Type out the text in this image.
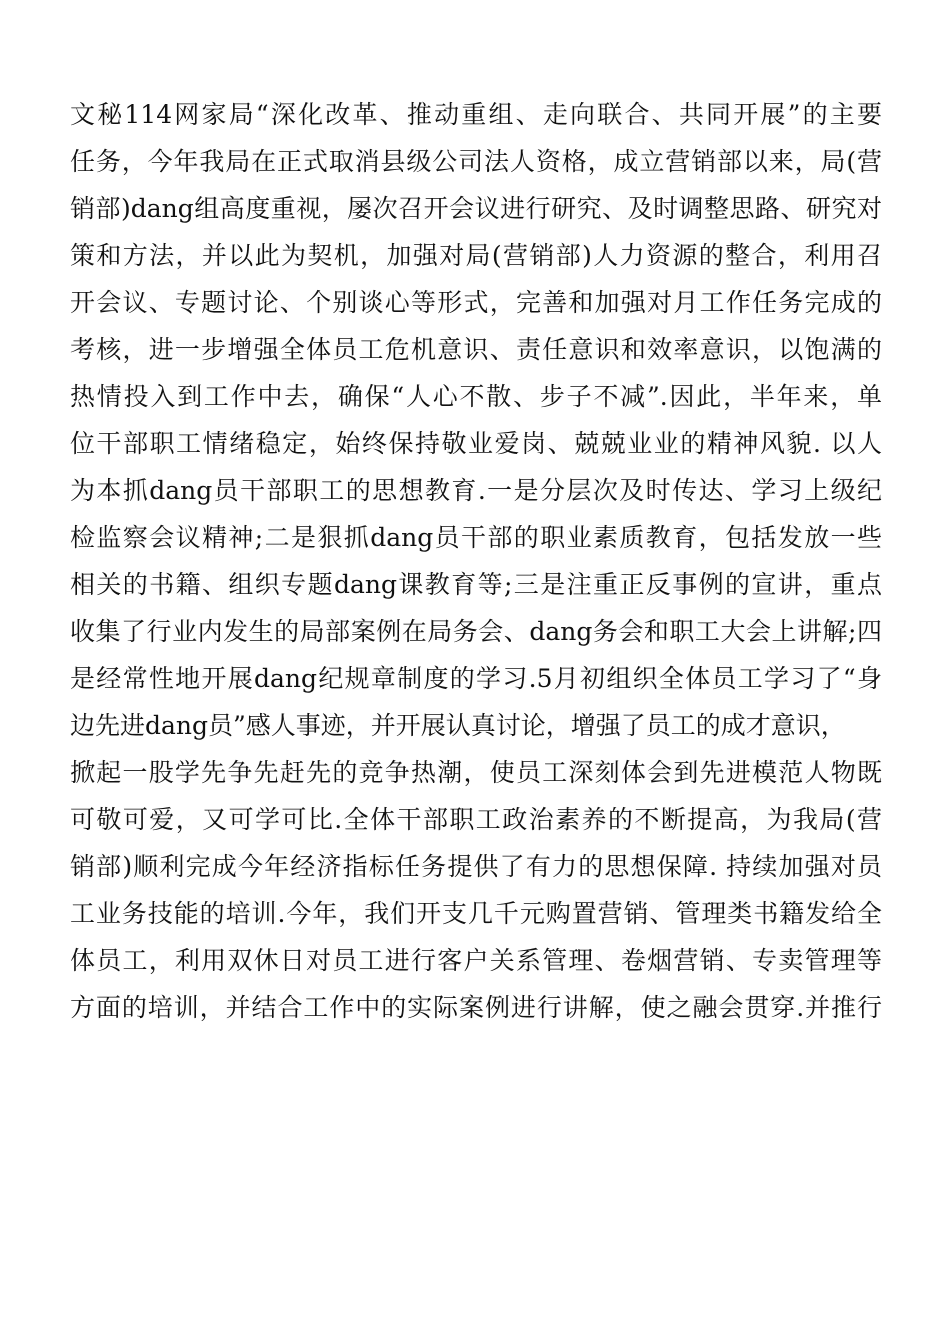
文秘114网家局“深化改革、推动重组、走向联合、共同开展”的主要
任务，今年我局在正式取消县级公司法人资格，成立营销部以来，局(营
销部)dang组高度重视，屡次召开会议进行研究、及时调整思路、研究对
策和方法，并以此为契机，加强对局(营销部)人力资源的整合，利用召
开会议、专题讨论、个别谈心等形式，完善和加强对月工作任务完成的
考核，进一步增强全体员工危机意识、责任意识和效率意识，以饱满的
热情投入到工作中去，确保“人心不散、步子不减”.因此，半年来，单
位干部职工情绪稳定，始终保持敬业爱岗、兢兢业业的精神风貌. 以人
为本抓dang员干部职工的思想教育.一是分层次及时传达、学习上级纪
检监察会议精神;二是狠抓dang员干部的职业素质教育，包括发放一些
相关的书籍、组织专题dang课教育等;三是注重正反事例的宣讲，重点
收集了行业内发生的局部案例在局务会、dang务会和职工大会上讲解;四
是经常性地开展dang纪规章制度的学习.5月初组织全体员工学习了“身
边先进dang员”感人事迹，并开展认真讨论，增强了员工的成才意识，
掀起一股学先争先赶先的竞争热潮，使员工深刻体会到先进模范人物既
可敬可爱，又可学可比.全体干部职工政治素养的不断提高，为我局(营
销部)顺利完成今年经济指标任务提供了有力的思想保障. 持续加强对员
工业务技能的培训.今年，我们开支几千元购置营销、管理类书籍发给全
体员工，利用双休日对员工进行客户关系管理、卷烟营销、专卖管理等
方面的培训，并结合工作中的实际案例进行讲解，使之融会贯穿.并推行
